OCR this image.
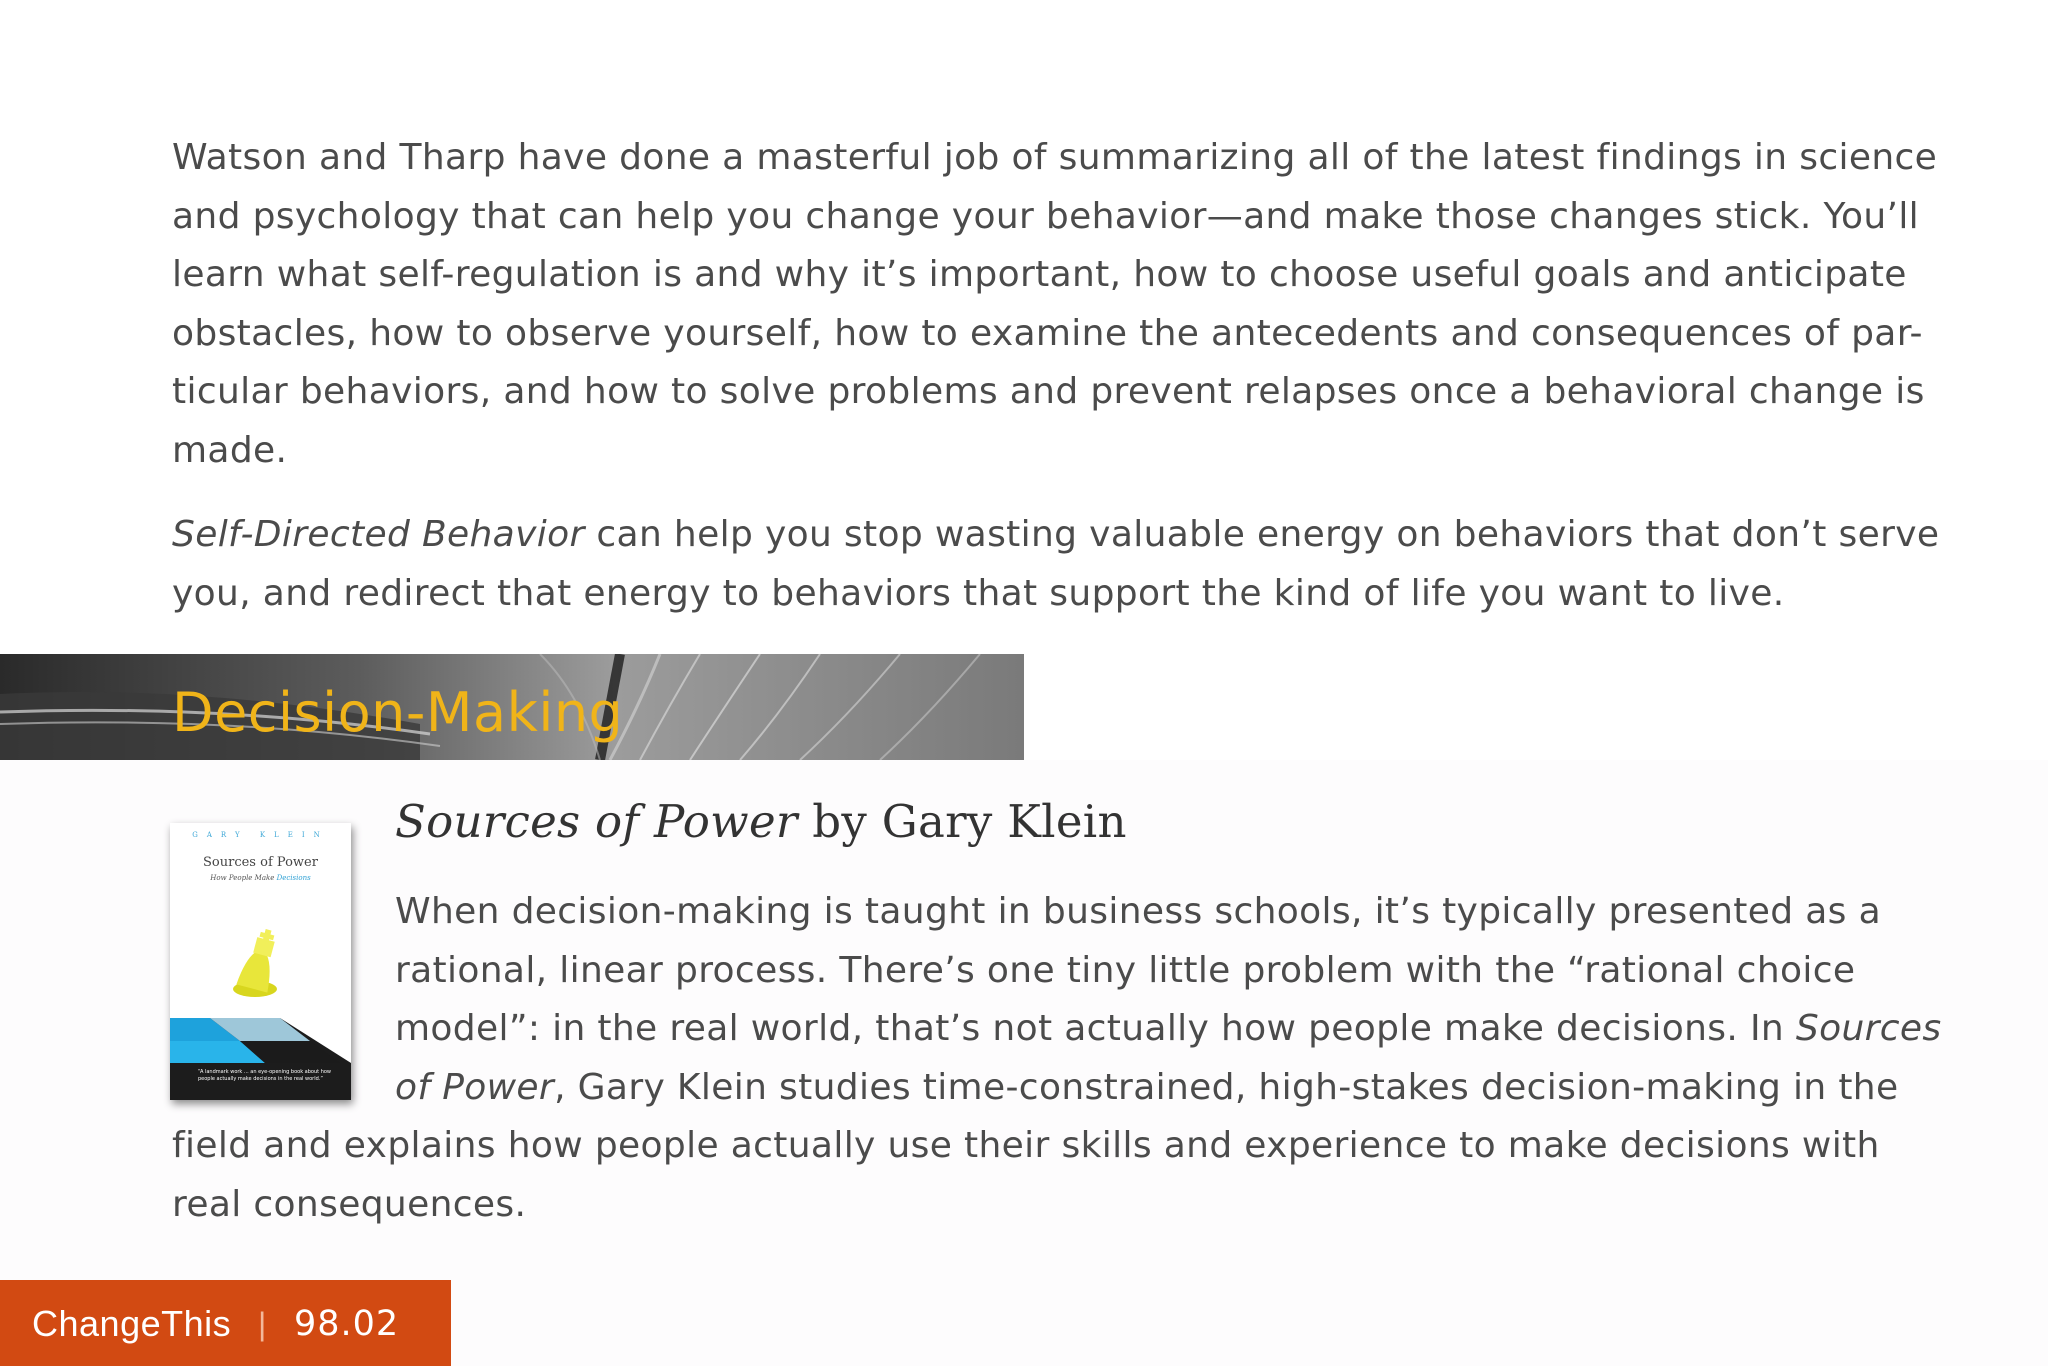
Watson and Tharp have done a masterful job of summarizing all of the latest findings in science
and psychology that can help you change your behavior—and make those changes stick. You’ll
learn what self-regulation is and why it’s important, how to choose useful goals and anticipate
obstacles, how to observe yourself, how to examine the antecedents and consequences of par-
ticular behaviors, and how to solve problems and prevent relapses once a behavioral change is
made.

Self-Directed Behavior can help you stop wasting valuable energy on behaviors that don’t serve
you, and redirect that energy to behaviors that support the kind of life you want to live.

Decision-Making
GARY KLEIN
Sources of Power
How People Make Decisions
“A landmark work ... an eye-opening book about how people actually make decisions in the real world.”
Sources of Power by Gary Klein

When decision-making is taught in business schools, it’s typically presented as a
rational, linear process. There’s one tiny little problem with the “rational choice
model”: in the real world, that’s not actually how people make decisions. In Sources
of Power, Gary Klein studies time-constrained, high-stakes decision-making in the
field and explains how people actually use their skills and experience to make decisions with
real consequences.

ChangeThis | 98.02
